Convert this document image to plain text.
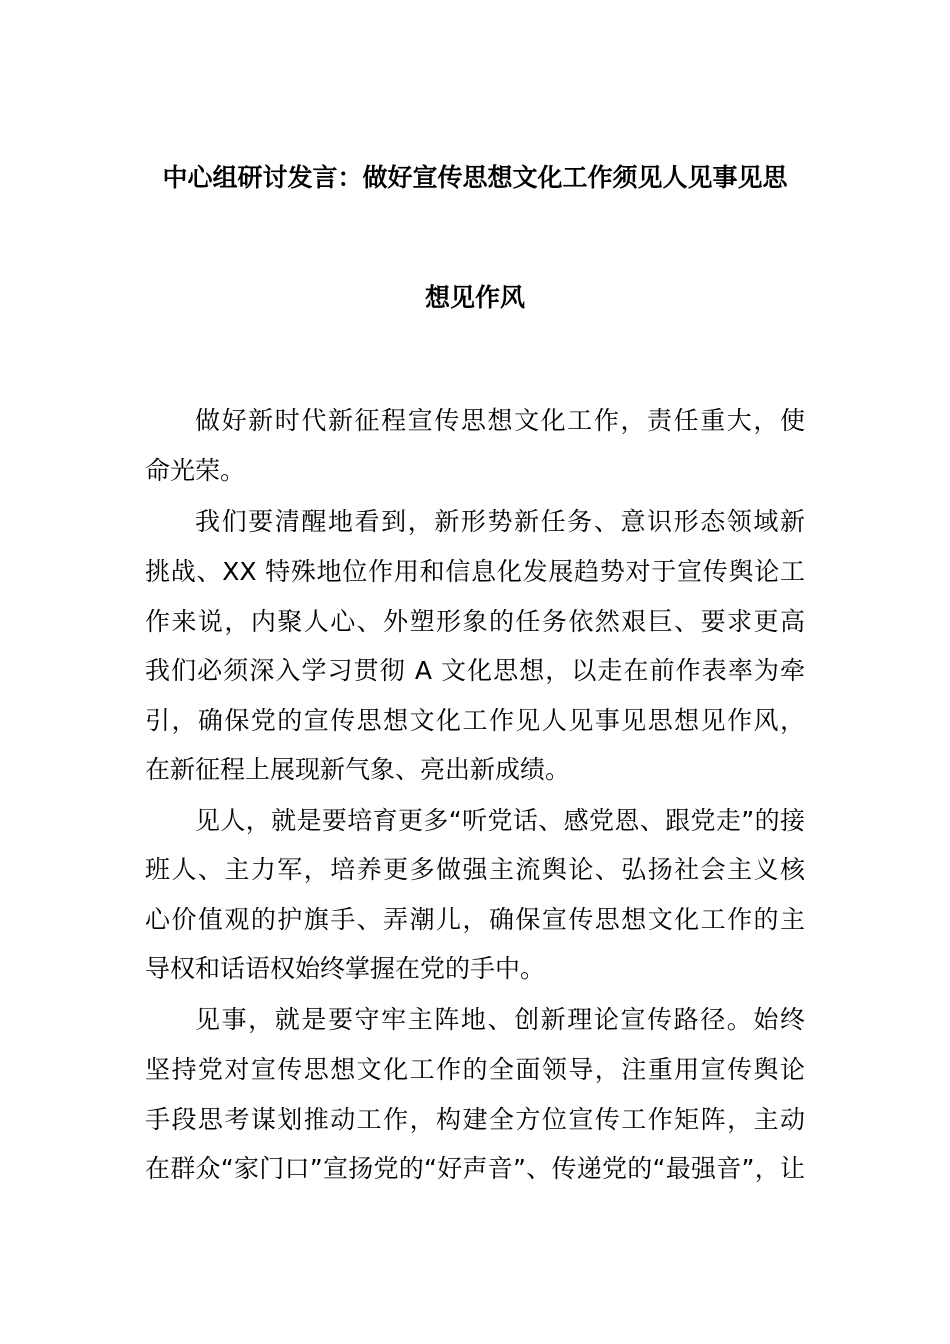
中心组研讨发言：做好宣传思想文化工作须见人见事见思
想见作风
做好新时代新征程宣传思想文化工作，责任重大，使
命光荣。
我们要清醒地看到，新形势新任务、意识形态领域新
挑战、XX 特殊地位作用和信息化发展趋势对于宣传舆论工
作来说，内聚人心、外塑形象的任务依然艰巨、要求更高
我们必须深入学习贯彻 A 文化思想，以走在前作表率为牵
引，确保党的宣传思想文化工作见人见事见思想见作风，
在新征程上展现新气象、亮出新成绩。
见人，就是要培育更多“听党话、感党恩、跟党走”的接
班人、主力军，培养更多做强主流舆论、弘扬社会主义核
心价值观的护旗手、弄潮儿，确保宣传思想文化工作的主
导权和话语权始终掌握在党的手中。
见事，就是要守牢主阵地、创新理论宣传路径。始终
坚持党对宣传思想文化工作的全面领导，注重用宣传舆论
手段思考谋划推动工作，构建全方位宣传工作矩阵，主动
在群众“家门口”宣扬党的“好声音”、传递党的“最强音”，让
